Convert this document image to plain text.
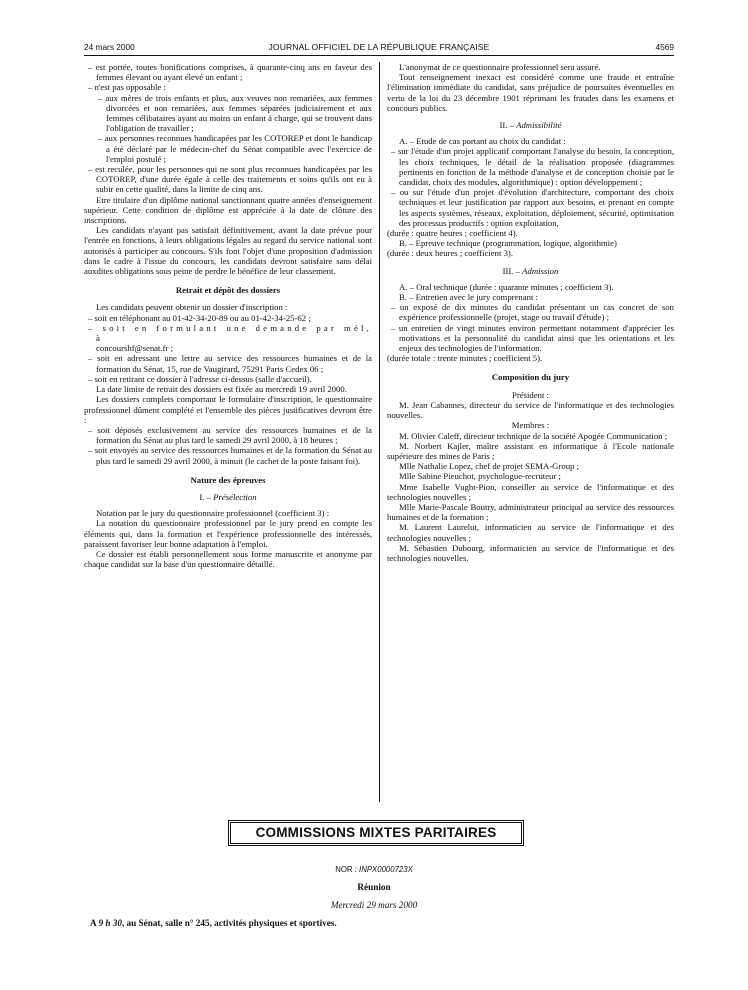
24 mars 2000	JOURNAL OFFICIEL DE LA RÉPUBLIQUE FRANÇAISE	4569

– est portée, toutes bonifications comprises, à quarante-cinq ans en faveur des femmes élevant ou ayant élevé un enfant ;

– n'est pas opposable :

– aux mères de trois enfants et plus, aux veuves non remariées, aux femmes divorcées et non remariées, aux femmes séparées judiciairement et aux femmes célibataires ayant au moins un enfant à charge, qui se trouvent dans l'obligation de travailler ;

– aux personnes reconnues handicapées par les COTOREP et dont le handicap a été déclaré par le médecin-chef du Sénat compatible avec l'exercice de l'emploi postulé ;

– est reculée, pour les personnes qui ne sont plus reconnues handicapées par les COTOREP, d'une durée égale à celle des traitements et soins qu'ils ont eu à subir en cette qualité, dans la limite de cinq ans.

Etre titulaire d'un diplôme national sanctionnant quatre années d'enseignement supérieur. Cette condition de diplôme est appréciée à la date de clôture des inscriptions.

Les candidats n'ayant pas satisfait définitivement, avant la date prévue pour l'entrée en fonctions, à leurs obligations légales au regard du service national sont autorisés à participer au concours. S'ils font l'objet d'une proposition d'admission dans le cadre à l'issue du concours, les candidats devront satisfaire sans délai auxdites obligations sous peine de perdre le bénéfice de leur classement.

Retrait et dépôt des dossiers

Les candidats peuvent obtenir un dossier d'inscription :

– soit en téléphonant au 01-42-34-20-89 ou au 01-42-34-25-62 ;

– soit en formulant une demande par mél, à
concourshf@senat.fr ;

– soit en adressant une lettre au service des ressources humaines et de la formation du Sénat, 15, rue de Vaugirard, 75291 Paris Cedex 06 ;

– soit en retirant ce dossier à l'adresse ci-dessus (salle d'accueil).

La date limite de retrait des dossiers est fixée au mercredi 19 avril 2000.

Les dossiers complets comportant le formulaire d'inscription, le questionnaire professionnel dûment complété et l'ensemble des pièces justificatives devront être :

– soit déposés exclusivement au service des ressources humaines et de la formation du Sénat au plus tard le samedi 29 avril 2000, à 18 heures ;

– soit envoyés au service des ressources humaines et de la formation du Sénat au plus tard le samedi 29 avril 2000, à minuit (le cachet de la poste faisant foi).

Nature des épreuves

I. – Présélection

Notation par le jury du questionnaire professionnel (coefficient 3) :

La notation du questionnaire professionnel par le jury prend en compte les éléments qui, dans la formation et l'expérience professionnelle des intéressés, paraissent favoriser leur bonne adaptation à l'emploi.

Ce dossier est établi personnellement sous forme manuscrite et anonyme par chaque candidat sur la base d'un questionnaire détaillé.

L'anonymat de ce questionnaire professionnel sera assuré.

Tout renseignement inexact est considéré comme une fraude et entraîne l'élimination immédiate du candidat, sans préjudice de poursuites éventuelles en vertu de la loi du 23 décembre 1901 réprimant les fraudes dans les examens et concours publics.

II. – Admissibilité

A. – Etude de cas portant au choix du candidat :

– sur l'étude d'un projet applicatif comportant l'analyse du besoin, la conception, les choix techniques, le détail de la réalisation proposée (diagrammes pertinents en fonction de la méthode d'analyse et de conception choisie par le candidat, choix des modules, algorithmique) : option développement ;

– ou sur l'étude d'un projet d'évolution d'architecture, comportant des choix techniques et leur justification par rapport aux besoins, et prenant en compte les aspects systèmes, réseaux, exploitation, déploiement, sécurité, optimisation des processus productifs : option exploitation,

(durée : quatre heures ; coefficient 4).

B. – Epreuve technique (programmation, logique, algorithmie)

(durée : deux heures ; coefficient 3).

III. – Admission

A. – Oral technique (durée : quarante minutes ; coefficient 3).

B. – Entretien avec le jury comprenant :

– un exposé de dix minutes du candidat présentant un cas concret de son expérience professionnelle (projet, stage ou travail d'étude) ;

– un entretien de vingt minutes environ permettant notamment d'apprécier les motivations et la personnalité du candidat ainsi que les orientations et les enjeux des technologies de l'information.

(durée totale : trente minutes ; coefficient 5).

Composition du jury

Président :

M. Jean Cabannes, directeur du service de l'informatique et des technologies nouvelles.

Membres :

M. Olivier Caleff, directeur technique de la société Apogée Communication ;

M. Norbert Kajler, maître assistant en informatique à l'Ecole nationale supérieure des mines de Paris ;

Mlle Nathalie Lopez, chef de projet SEMA-Group ;

Mlle Sabine Pieuchot, psychologue-recruteur ;

Mme Isabelle Vught-Pion, conseiller au service de l'informatique et des technologies nouvelles ;

Mlle Marie-Pascale Boutry, administrateur principal au service des ressources humaines et de la formation ;

M. Laurent Laurelut, informaticien au service de l'informatique et des technologies nouvelles ;

M. Sébastien Dubourg, informaticien au service de l'informatique et des technologies nouvelles.

COMMISSIONS MIXTES PARITAIRES
NOR : INPX0000723X
Réunion
Mercredi 29 mars 2000
A 9 h 30, au Sénat, salle n° 245, activités physiques et sportives.
